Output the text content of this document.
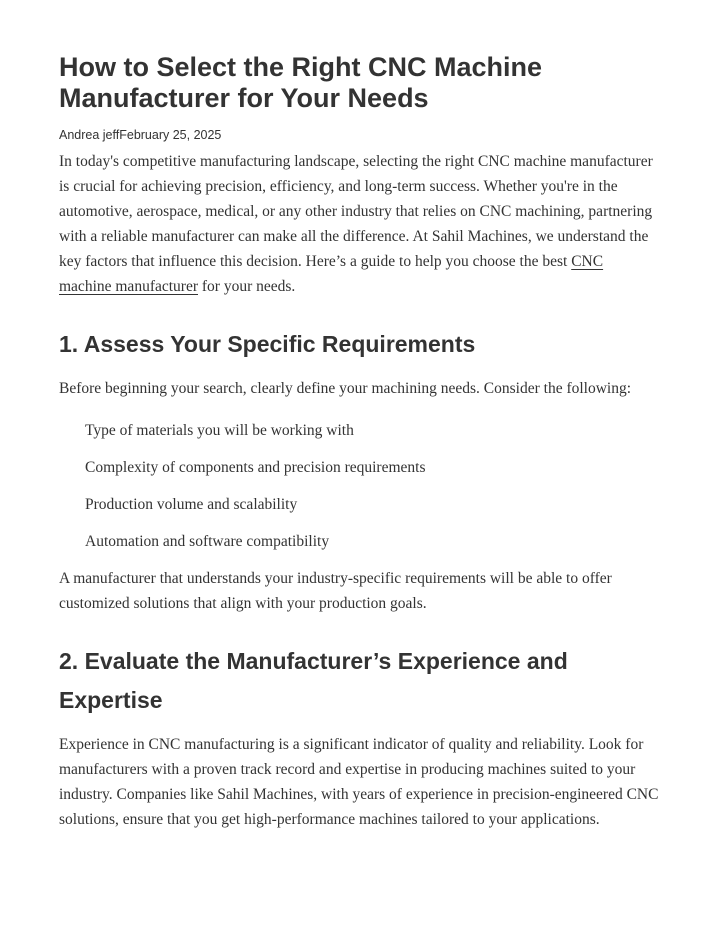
How to Select the Right CNC Machine Manufacturer for Your Needs
Andrea jeffFebruary 25, 2025

In today's competitive manufacturing landscape, selecting the right CNC machine manufacturer is crucial for achieving precision, efficiency, and long-term success. Whether you're in the automotive, aerospace, medical, or any other industry that relies on CNC machining, partnering with a reliable manufacturer can make all the difference. At Sahil Machines, we understand the key factors that influence this decision. Here’s a guide to help you choose the best CNC machine manufacturer for your needs.

1. Assess Your Specific Requirements

Before beginning your search, clearly define your machining needs. Consider the following:

Type of materials you will be working with
Complexity of components and precision requirements
Production volume and scalability
Automation and software compatibility

A manufacturer that understands your industry-specific requirements will be able to offer customized solutions that align with your production goals.

2. Evaluate the Manufacturer’s Experience and Expertise

Experience in CNC manufacturing is a significant indicator of quality and reliability. Look for manufacturers with a proven track record and expertise in producing machines suited to your industry. Companies like Sahil Machines, with years of experience in precision-engineered CNC solutions, ensure that you get high-performance machines tailored to your applications.
